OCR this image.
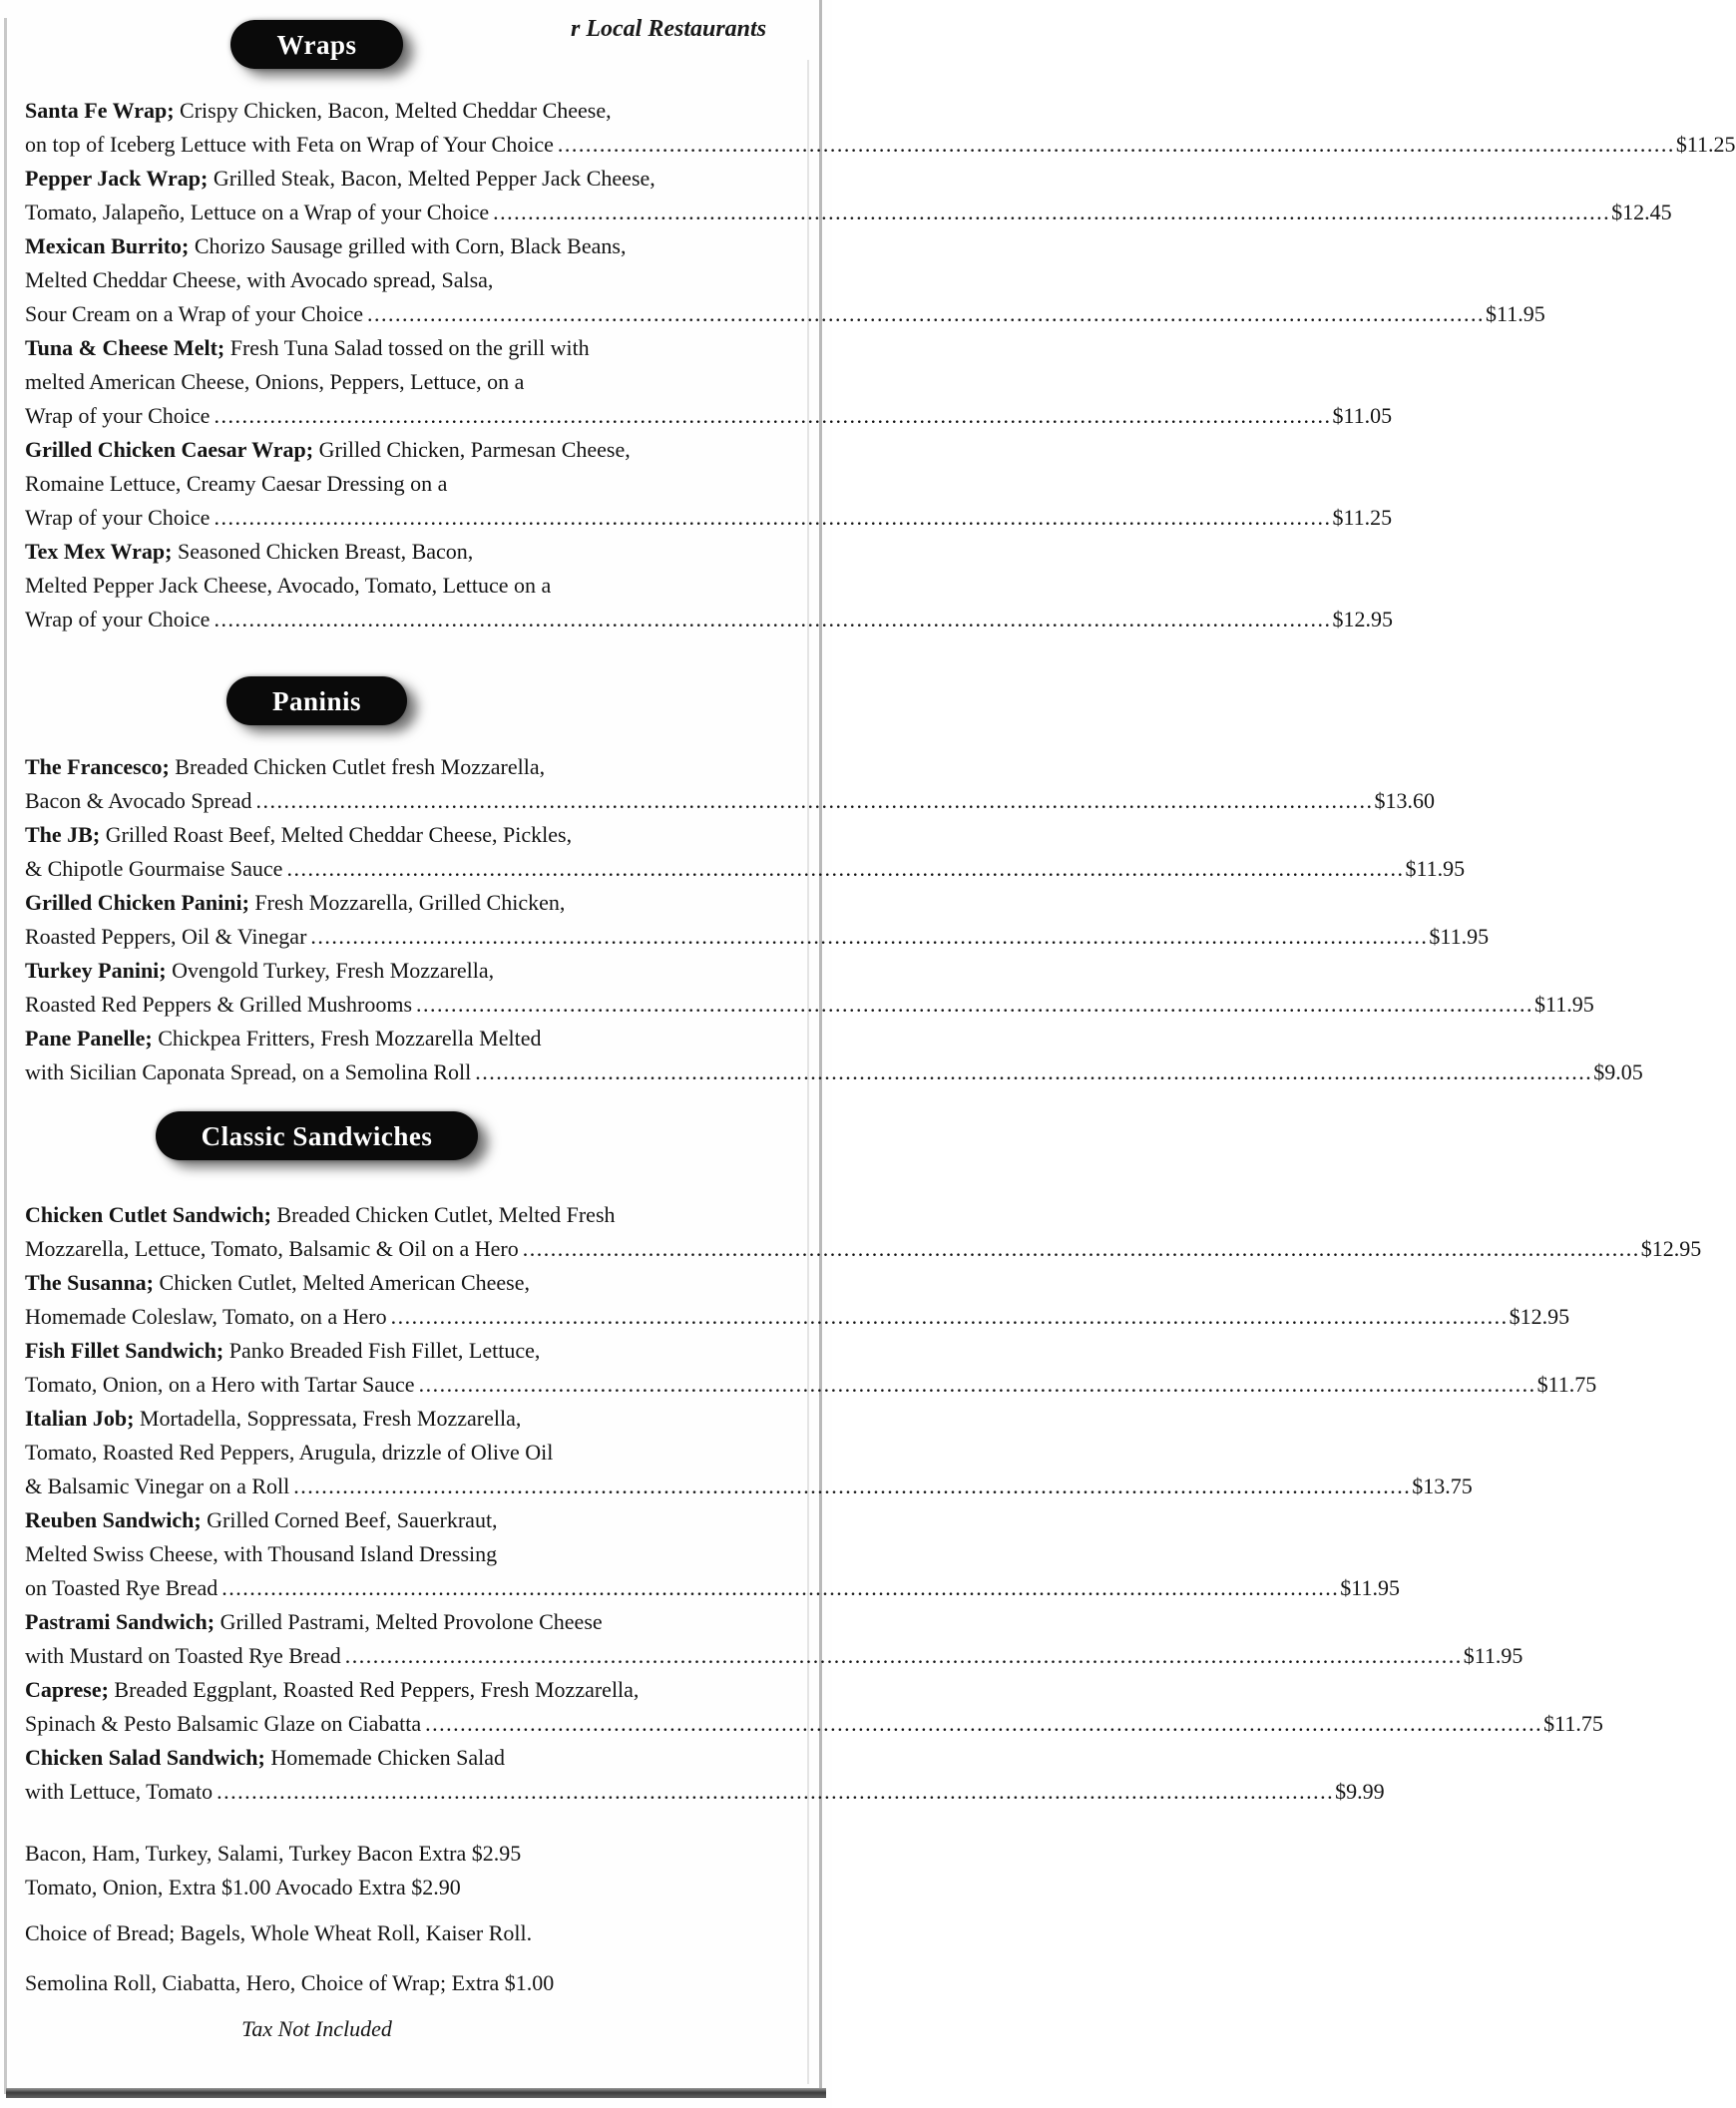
r Local Restaurants
Wraps
Santa Fe Wrap; Crispy Chicken, Bacon, Melted Cheddar Cheese,
on top of Iceberg Lettuce with Feta on Wrap of Your Choice ................................................................................................................................................................ $11.25
Pepper Jack Wrap; Grilled Steak, Bacon, Melted Pepper Jack Cheese,
Tomato, Jalapeño, Lettuce on a Wrap of your Choice ................................................................................................................................................................ $12.45
Mexican Burrito; Chorizo Sausage grilled with Corn, Black Beans,
Melted Cheddar Cheese, with Avocado spread, Salsa,
Sour Cream on a Wrap of your Choice ................................................................................................................................................................ $11.95
Tuna & Cheese Melt; Fresh Tuna Salad tossed on the grill with
melted American Cheese, Onions, Peppers, Lettuce, on a
Wrap of your Choice ................................................................................................................................................................ $11.05
Grilled Chicken Caesar Wrap; Grilled Chicken, Parmesan Cheese,
Romaine Lettuce, Creamy Caesar Dressing on a
Wrap of your Choice ................................................................................................................................................................ $11.25
Tex Mex Wrap; Seasoned Chicken Breast, Bacon,
Melted Pepper Jack Cheese, Avocado, Tomato, Lettuce on a
Wrap of your Choice ................................................................................................................................................................ $12.95
Paninis
The Francesco; Breaded Chicken Cutlet fresh Mozzarella,
Bacon & Avocado Spread ................................................................................................................................................................ $13.60
The JB; Grilled Roast Beef, Melted Cheddar Cheese, Pickles,
& Chipotle Gourmaise Sauce ................................................................................................................................................................ $11.95
Grilled Chicken Panini; Fresh Mozzarella, Grilled Chicken,
Roasted Peppers, Oil & Vinegar ................................................................................................................................................................ $11.95
Turkey Panini; Ovengold Turkey, Fresh Mozzarella,
Roasted Red Peppers & Grilled Mushrooms ................................................................................................................................................................ $11.95
Pane Panelle; Chickpea Fritters, Fresh Mozzarella Melted
with Sicilian Caponata Spread, on a Semolina Roll ................................................................................................................................................................ $9.05
Classic Sandwiches
Chicken Cutlet Sandwich; Breaded Chicken Cutlet, Melted Fresh
Mozzarella, Lettuce, Tomato, Balsamic & Oil on a Hero ................................................................................................................................................................ $12.95
The Susanna; Chicken Cutlet, Melted American Cheese,
Homemade Coleslaw, Tomato, on a Hero ................................................................................................................................................................ $12.95
Fish Fillet Sandwich; Panko Breaded Fish Fillet, Lettuce,
Tomato, Onion, on a Hero with Tartar Sauce ................................................................................................................................................................ $11.75
Italian Job; Mortadella, Soppressata, Fresh Mozzarella,
Tomato, Roasted Red Peppers, Arugula, drizzle of Olive Oil
& Balsamic Vinegar on a Roll ................................................................................................................................................................ $13.75
Reuben Sandwich; Grilled Corned Beef, Sauerkraut,
Melted Swiss Cheese, with Thousand Island Dressing
on Toasted Rye Bread ................................................................................................................................................................ $11.95
Pastrami Sandwich; Grilled Pastrami, Melted Provolone Cheese
with Mustard on Toasted Rye Bread ................................................................................................................................................................ $11.95
Caprese; Breaded Eggplant, Roasted Red Peppers, Fresh Mozzarella,
Spinach & Pesto Balsamic Glaze on Ciabatta ................................................................................................................................................................ $11.75
Chicken Salad Sandwich; Homemade Chicken Salad
with Lettuce, Tomato ................................................................................................................................................................ $9.99
Bacon, Ham, Turkey, Salami, Turkey Bacon Extra $2.95
Tomato, Onion, Extra $1.00 Avocado Extra $2.90
Choice of Bread; Bagels, Whole Wheat Roll, Kaiser Roll.
Semolina Roll, Ciabatta, Hero, Choice of Wrap; Extra $1.00
Tax Not Included
